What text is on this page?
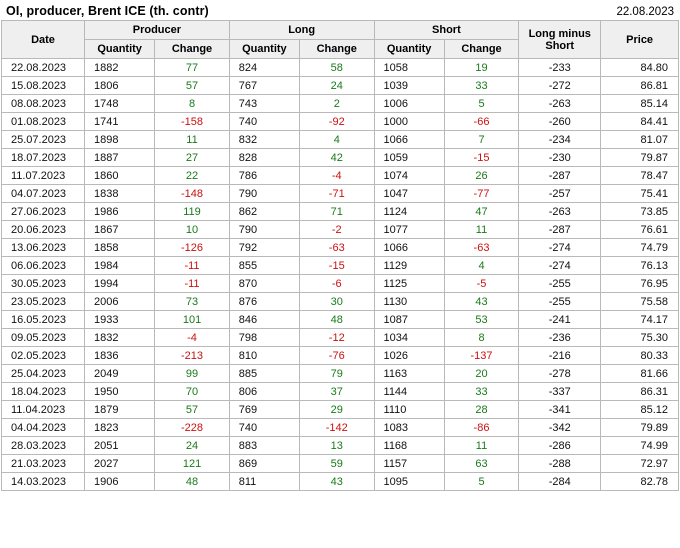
OI, producer, Brent ICE (th. contr)	22.08.2023
Date	Producer		Long		Short		Long minus Short	Price
	Quantity	Change	Quantity	Change	Quantity	Change		
22.08.2023	1882	77	824	58	1058	19	-233	84.80
15.08.2023	1806	57	767	24	1039	33	-272	86.81
08.08.2023	1748	8	743	2	1006	5	-263	85.14
01.08.2023	1741	-158	740	-92	1000	-66	-260	84.41
25.07.2023	1898	11	832	4	1066	7	-234	81.07
18.07.2023	1887	27	828	42	1059	-15	-230	79.87
11.07.2023	1860	22	786	-4	1074	26	-287	78.47
04.07.2023	1838	-148	790	-71	1047	-77	-257	75.41
27.06.2023	1986	119	862	71	1124	47	-263	73.85
20.06.2023	1867	10	790	-2	1077	11	-287	76.61
13.06.2023	1858	-126	792	-63	1066	-63	-274	74.79
06.06.2023	1984	-11	855	-15	1129	4	-274	76.13
30.05.2023	1994	-11	870	-6	1125	-5	-255	76.95
23.05.2023	2006	73	876	30	1130	43	-255	75.58
16.05.2023	1933	101	846	48	1087	53	-241	74.17
09.05.2023	1832	-4	798	-12	1034	8	-236	75.30
02.05.2023	1836	-213	810	-76	1026	-137	-216	80.33
25.04.2023	2049	99	885	79	1163	20	-278	81.66
18.04.2023	1950	70	806	37	1144	33	-337	86.31
11.04.2023	1879	57	769	29	1110	28	-341	85.12
04.04.2023	1823	-228	740	-142	1083	-86	-342	79.89
28.03.2023	2051	24	883	13	1168	11	-286	74.99
21.03.2023	2027	121	869	59	1157	63	-288	72.97
14.03.2023	1906	48	811	43	1095	5	-284	82.78
